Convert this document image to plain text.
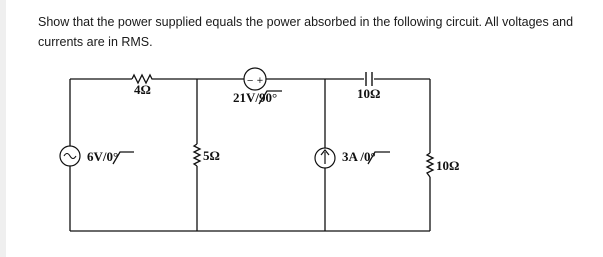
Show that the power supplied equals the power absorbed in the following circuit. All voltages and
currents are in RMS.
4Ω
− +
21V/90°	10Ω
6V/0°	5Ω	3A /0°
10Ω
